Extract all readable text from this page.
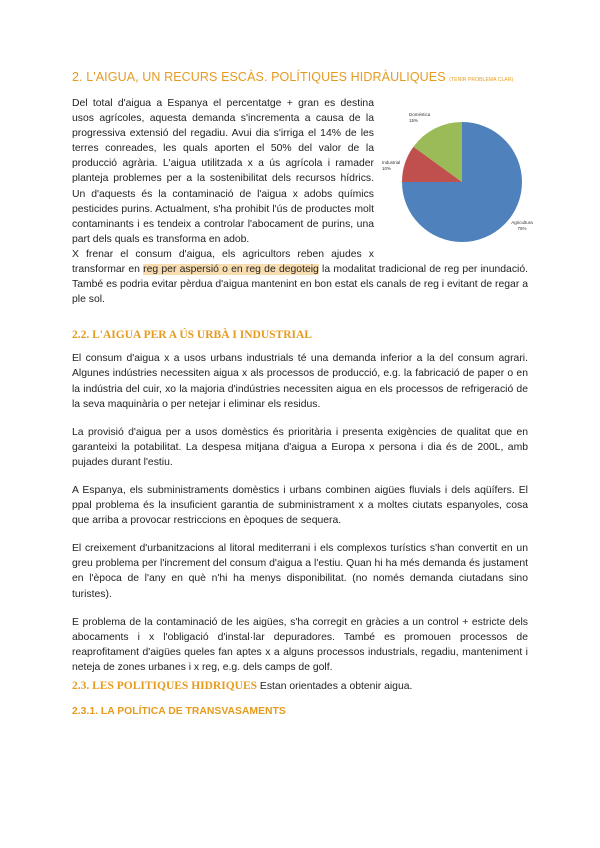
2. L'AIGUA, UN RECURS ESCÀS. POLÍTIQUES HIDRÀULIQUES (TENIR PROBLEMA CLAR)
Agricultura
75%
Industrial
10%
Doméstica
15%

Del total d'aigua a Espanya el percentatge + gran es destina usos agrícoles, aquesta demanda s'incrementa a causa de la progressiva extensió del regadiu. Avui dia s'irriga el 14% de les terres conreades, les quals aporten el 50% del valor de la producció agrària. L'aigua utilitzada x a ús agrícola i ramader planteja problemes per a la sostenibilitat dels recursos hídrics. Un d'aquests és la contaminació de l'aigua x adobs químics pesticides purins. Actualment, s'ha prohibit l'ús de productes molt contaminants i es tendeix a controlar l'abocament de purins, una part dels quals es transforma en adob.

X frenar el consum d'aigua, els agricultors reben ajudes x transformar en reg per aspersió o en reg de degoteig la modalitat tradicional de reg per inundació. També es podria evitar pèrdua d'aigua mantenint en bon estat els canals de reg i evitant de regar a ple sol.

2.2. L'AIGUA PER A ÚS URBÀ I INDUSTRIAL

El consum d'aigua x a usos urbans industrials té una demanda inferior a la del consum agrari. Algunes indústries necessiten aigua x als processos de producció, e.g. la fabricació de paper o en la indústria del cuir, xo la majoria d'indústries necessiten aigua en els processos de refrigeració de la seva maquinària o per netejar i eliminar els residus.

La provisió d'aigua per a usos domèstics és prioritària i presenta exigències de qualitat que en garanteixi la potabilitat. La despesa mitjana d'aigua a Europa x persona i dia és de 200L, amb pujades durant l'estiu.

A Espanya, els subministraments domèstics i urbans combinen aigües fluvials i dels aqüífers. El ppal problema és la insuficient garantia de subministrament x a moltes ciutats espanyoles, cosa que arriba a provocar restriccions en èpoques de sequera.

El creixement d'urbanitzacions al litoral mediterrani i els complexos turístics s'han convertit en un greu problema per l'increment del consum d'aigua a l'estiu. Quan hi ha més demanda és justament en l'època de l'any en què n'hi ha menys disponibilitat. (no només demanda ciutadans sino turistes).

E problema de la contaminació de les aigües, s'ha corregit en gràcies a un control + estricte dels abocaments i x l'obligació d'instal·lar depuradores. També es promouen processos de reaprofitament d'aigües queles fan aptes x a alguns processos industrials, regadiu, manteniment i neteja de zones urbanes i x reg, e.g. dels camps de golf.

2.3. LES POLITIQUES HIDRIQUES Estan orientades a obtenir aigua.
2.3.1. LA POLÍTICA DE TRANSVASAMENTS
